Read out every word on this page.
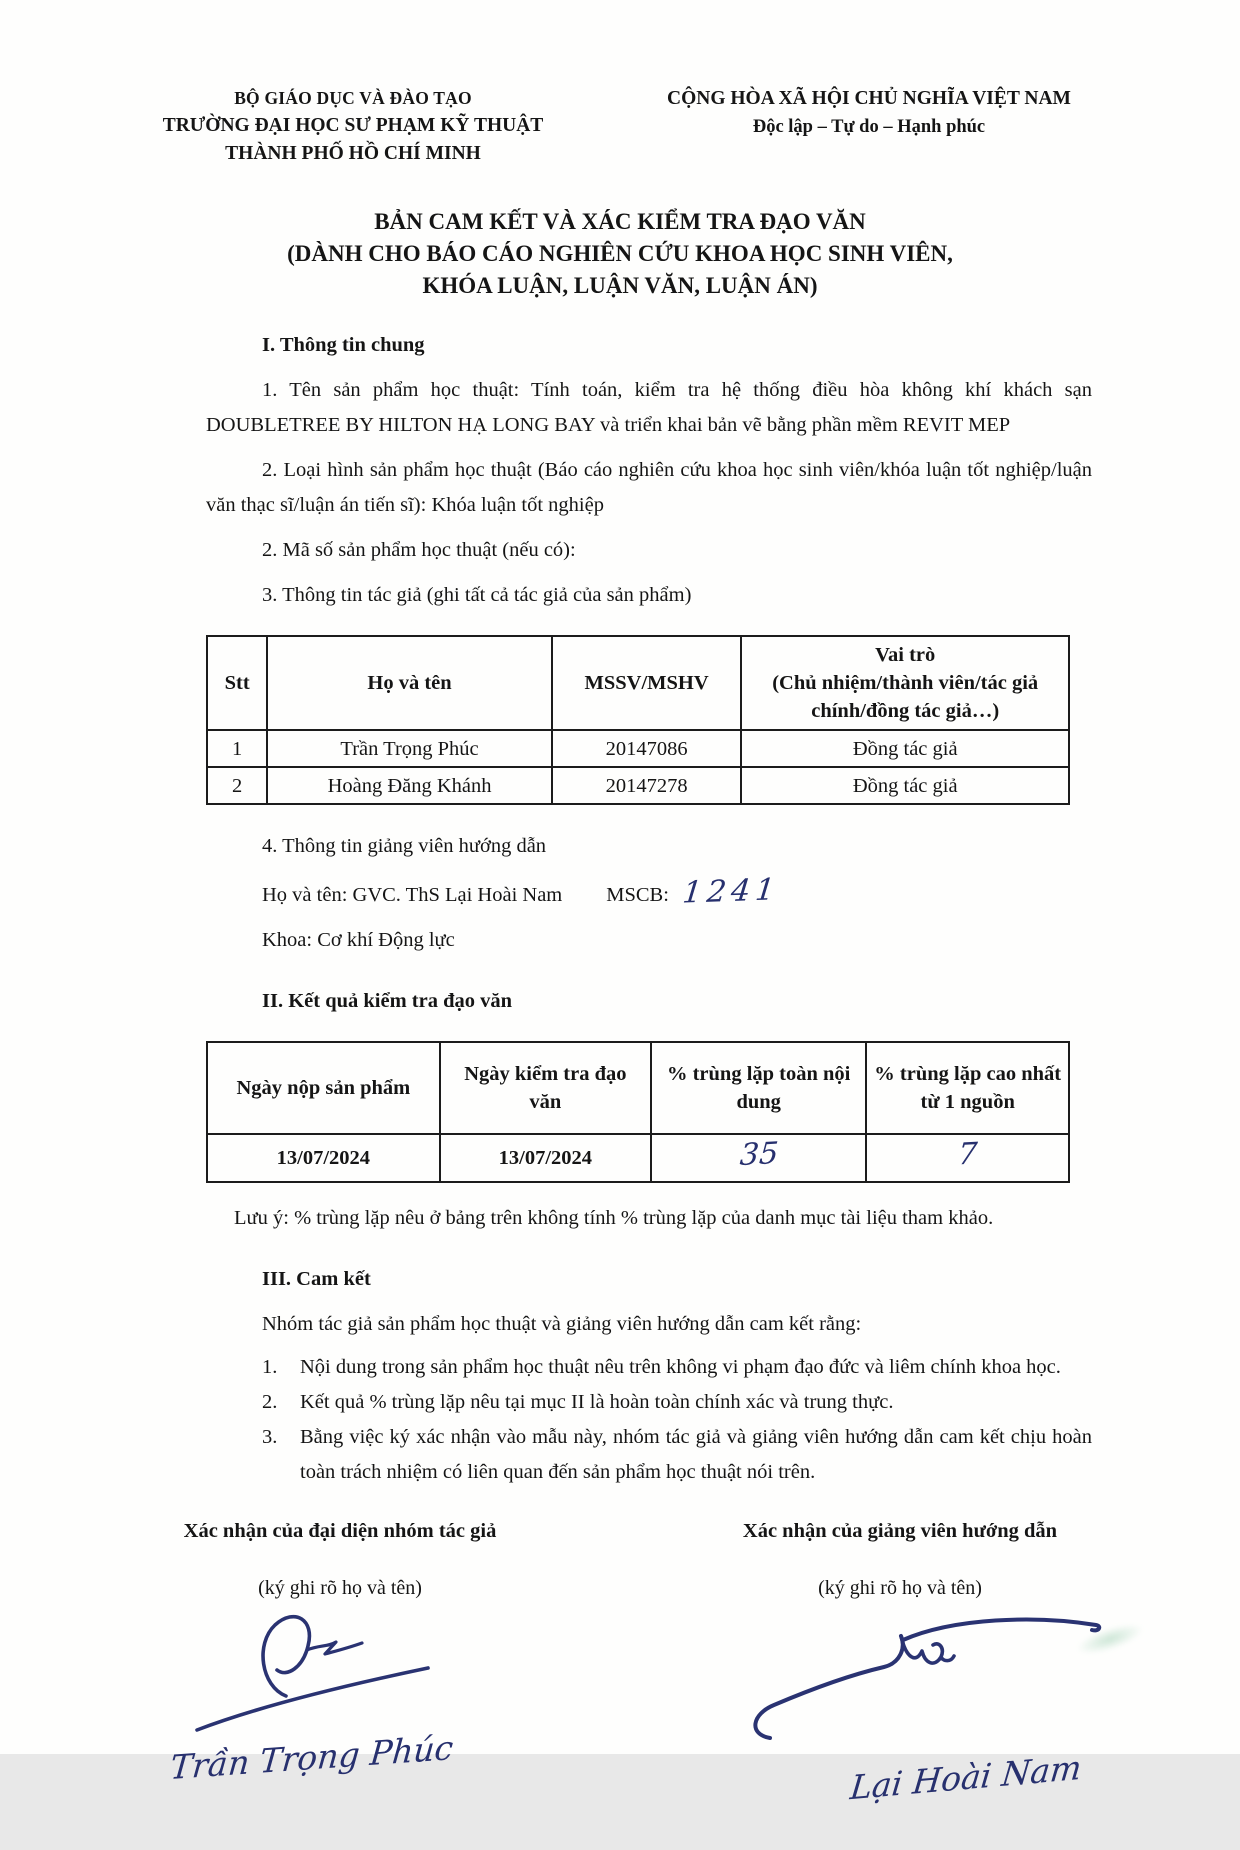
BỘ GIÁO DỤC VÀ ĐÀO TẠO
TRƯỜNG ĐẠI HỌC SƯ PHẠM KỸ THUẬT
THÀNH PHỐ HỒ CHÍ MINH
CỘNG HÒA XÃ HỘI CHỦ NGHĨA VIỆT NAM
Độc lập – Tự do – Hạnh phúc
BẢN CAM KẾT VÀ XÁC KIỂM TRA ĐẠO VĂN
(DÀNH CHO BÁO CÁO NGHIÊN CỨU KHOA HỌC SINH VIÊN,
KHÓA LUẬN, LUẬN VĂN, LUẬN ÁN)
I. Thông tin chung
1. Tên sản phẩm học thuật: Tính toán, kiểm tra hệ thống điều hòa không khí khách sạn DOUBLETREE BY HILTON HẠ LONG BAY và triển khai bản vẽ bằng phần mềm REVIT MEP
2. Loại hình sản phẩm học thuật (Báo cáo nghiên cứu khoa học sinh viên/khóa luận tốt nghiệp/luận văn thạc sĩ/luận án tiến sĩ): Khóa luận tốt nghiệp
2. Mã số sản phẩm học thuật (nếu có):
3. Thông tin tác giả (ghi tất cả tác giả của sản phẩm)
Stt	Họ và tên	MSSV/MSHV	Vai trò
(Chủ nhiệm/thành viên/tác giả chính/đồng tác giả…)

1	Trần Trọng Phúc	20147086	Đồng tác giả
2	Hoàng Đăng Khánh	20147278	Đồng tác giả
4. Thông tin giảng viên hướng dẫn
Họ và tên: GVC. ThS Lại Hoài Nam MSCB: 1241
Khoa: Cơ khí Động lực
II. Kết quả kiểm tra đạo văn
Ngày nộp sản phẩm	Ngày kiểm tra đạo văn	% trùng lặp toàn nội dung	% trùng lặp cao nhất từ 1 nguồn
13/07/2024	13/07/2024	35	7
Lưu ý: % trùng lặp nêu ở bảng trên không tính % trùng lặp của danh mục tài liệu tham khảo.
III. Cam kết
Nhóm tác giả sản phẩm học thuật và giảng viên hướng dẫn cam kết rằng:
1.	Nội dung trong sản phẩm học thuật nêu trên không vi phạm đạo đức và liêm chính khoa học.
2.	Kết quả % trùng lặp nêu tại mục II là hoàn toàn chính xác và trung thực.
3.	Bằng việc ký xác nhận vào mẫu này, nhóm tác giả và giảng viên hướng dẫn cam kết chịu hoàn toàn trách nhiệm có liên quan đến sản phẩm học thuật nói trên.
Xác nhận của đại diện nhóm tác giả
(ký ghi rõ họ và tên)
Trần Trọng Phúc
Xác nhận của giảng viên hướng dẫn
(ký ghi rõ họ và tên)
Lại Hoài Nam
